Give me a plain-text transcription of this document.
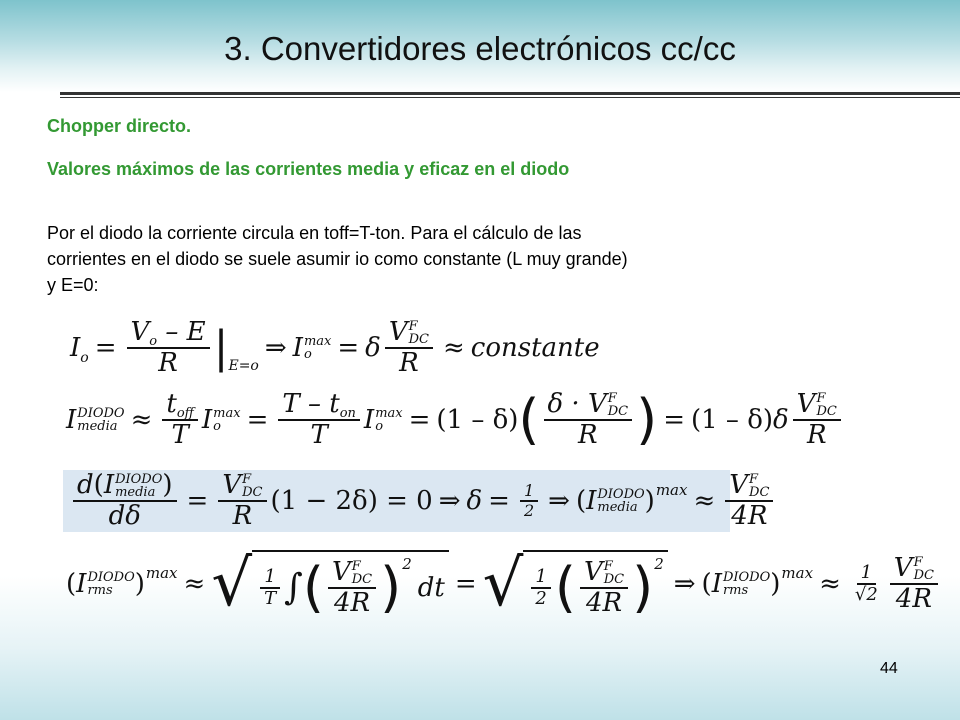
3. Convertidores electrónicos cc/cc
Chopper directo.
Valores máximos de las corrientes media y eficaz en el diodo
Por el diodo la corriente circula en toff=T-ton. Para el cálculo de las
corrientes en el diodo se suele asumir io como constante (L muy grande)
y E=0:
I $o = \frac{Vo - E}{R}$ | E=o
⇒ I max
o = δ V F
DC
R ≈ constante
I DIODO
media ≈ $\frac{\text{toff}}{T}$ I max
$o = \frac{\text{T – ton}}{T}$ I max
o = (1 – δ) ( δ · V F
DC
R ) = (1 – δ) δ V F
DC
R
d(I DIODO
media )
dδ = V F
DC
R (1 − 2δ) = 0 ⇒ $\delta = \frac{1}{2}$ ⇒ ( I DIODO
media ) max ≈ V F
DC
4R
( I DIODO
rms ) max ≈ √ $\frac{1}{T}$ ∫ ( V F
DC
4R ) 2
dt = √ $\frac{1}{2}$ ( V F
DC
4R ) 2
⇒ ( I DIODO
rms ) $\max \approx \frac{1}{√2}$ V F
DC
4R
44
